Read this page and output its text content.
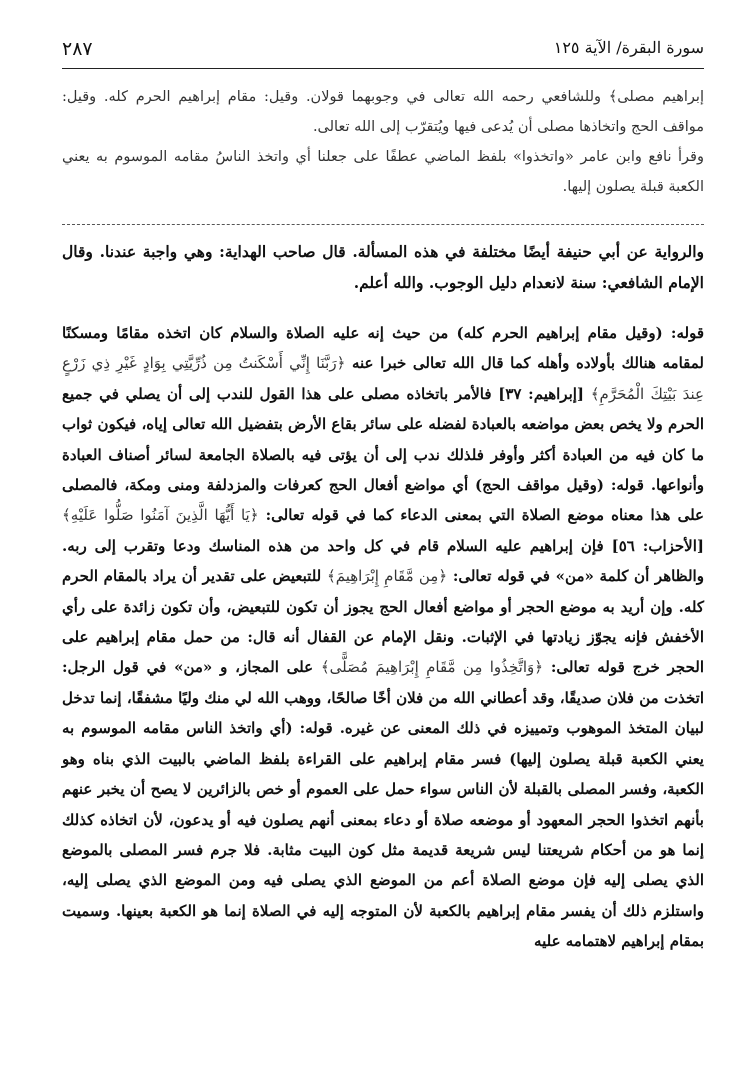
٢٨٧	سورة البقرة/ الآية ١٢٥

إبراهيم مصلى﴾ وللشافعي رحمه الله تعالى في وجوبهما قولان. وقيل: مقام إبراهيم الحرم كله. وقيل: مواقف الحج واتخاذها مصلى أن يُدعى فيها ويُتقرّب إلى الله تعالى.

وقرأ نافع وابن عامر «واتخذوا» بلفظ الماضي عطفًا على جعلنا أي واتخذ الناسُ مقامه الموسوم به يعني الكعبة قبلة يصلون إليها.

والرواية عن أبي حنيفة أيضًا مختلفة في هذه المسألة. قال صاحب الهداية: وهي واجبة عندنا. وقال الإمام الشافعي: سنة لانعدام دليل الوجوب. والله أعلم.

قوله: (وقيل مقام إبراهيم الحرم كله) من حيث إنه عليه الصلاة والسلام كان اتخذه مقامًا ومسكنًا لمقامه هنالك بأولاده وأهله كما قال الله تعالى خبرا عنه ﴿رَبَّنَا إِنِّي أَسْكَنتُ مِن ذُرِّيَّتِي بِوَادٍ غَيْرِ ذِي زَرْعٍ عِندَ بَيْتِكَ الْمُحَرَّمِ﴾ [إبراهيم: ٣٧] فالأمر باتخاذه مصلى على هذا القول للندب إلى أن يصلي في جميع الحرم ولا يخص بعض مواضعه بالعبادة لفضله على سائر بقاع الأرض بتفضيل الله تعالى إياه، فيكون ثواب ما كان فيه من العبادة أكثر وأوفر فلذلك ندب إلى أن يؤتى فيه بالصلاة الجامعة لسائر أصناف العبادة وأنواعها. قوله: (وقيل مواقف الحج) أي مواضع أفعال الحج كعرفات والمزدلفة ومنى ومكة، فالمصلى على هذا معناه موضع الصلاة التي بمعنى الدعاء كما في قوله تعالى: ﴿يَا أَيُّهَا الَّذِينَ آمَنُوا صَلُّوا عَلَيْهِ﴾ [الأحزاب: ٥٦] فإن إبراهيم عليه السلام قام في كل واحد من هذه المناسك ودعا وتقرب إلى ربه. والظاهر أن كلمة «من» في قوله تعالى: ﴿مِن مَّقَامِ إِبْرَاهِيمَ﴾ للتبعيض على تقدير أن يراد بالمقام الحرم كله. وإن أريد به موضع الحجر أو مواضع أفعال الحج يجوز أن تكون للتبعيض، وأن تكون زائدة على رأي الأخفش فإنه يجوّز زيادتها في الإثبات. ونقل الإمام عن القفال أنه قال: من حمل مقام إبراهيم على الحجر خرج قوله تعالى: ﴿وَاتَّخِذُوا مِن مَّقَامِ إِبْرَاهِيمَ مُصَلًّى﴾ على المجاز، و «من» في قول الرجل: اتخذت من فلان صديقًا، وقد أعطاني الله من فلان أخًا صالحًا، ووهب الله لي منك وليًا مشفقًا، إنما تدخل لبيان المتخذ الموهوب وتمييزه في ذلك المعنى عن غيره. قوله: (أي واتخذ الناس مقامه الموسوم به يعني الكعبة قبلة يصلون إليها) فسر مقام إبراهيم على القراءة بلفظ الماضي بالبيت الذي بناه وهو الكعبة، وفسر المصلى بالقبلة لأن الناس سواء حمل على العموم أو خص بالزائرين لا يصح أن يخبر عنهم بأنهم اتخذوا الحجر المعهود أو موضعه صلاة أو دعاء بمعنى أنهم يصلون فيه أو يدعون، لأن اتخاذه كذلك إنما هو من أحكام شريعتنا ليس شريعة قديمة مثل كون البيت مثابة. فلا جرم فسر المصلى بالموضع الذي يصلى إليه فإن موضع الصلاة أعم من الموضع الذي يصلى فيه ومن الموضع الذي يصلى إليه، واستلزم ذلك أن يفسر مقام إبراهيم بالكعبة لأن المتوجه إليه في الصلاة إنما هو الكعبة بعينها. وسميت بمقام إبراهيم لاهتمامه عليه
